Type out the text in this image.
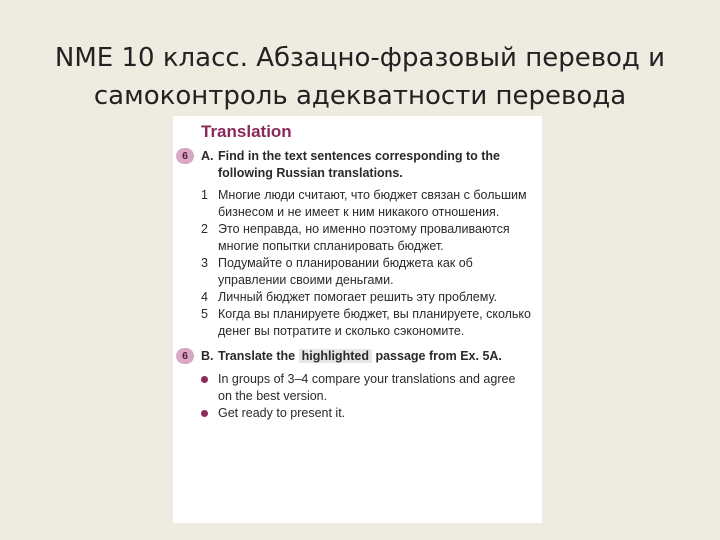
NME 10 класс. Абзацно-фразовый перевод и
самоконтроль адекватности перевода
Translation
6	A. Find in the text sentences corresponding to the following Russian translations.
1 Многие люди считают, что бюджет связан с большим бизнесом и не имеет к ним никакого отношения.
2 Это неправда, но именно поэтому проваливаются многие попытки спланировать бюджет.
3 Подумайте о планировании бюджета как об управлении своими деньгами.
4 Личный бюджет помогает решить эту проблему.
5 Когда вы планируете бюджет, вы планируете, сколько денег вы потратите и сколько сэкономите.
6	B. Translate the highlighted passage from Ex. 5A.
In groups of 3–4 compare your translations and agree on the best version.
Get ready to present it.
